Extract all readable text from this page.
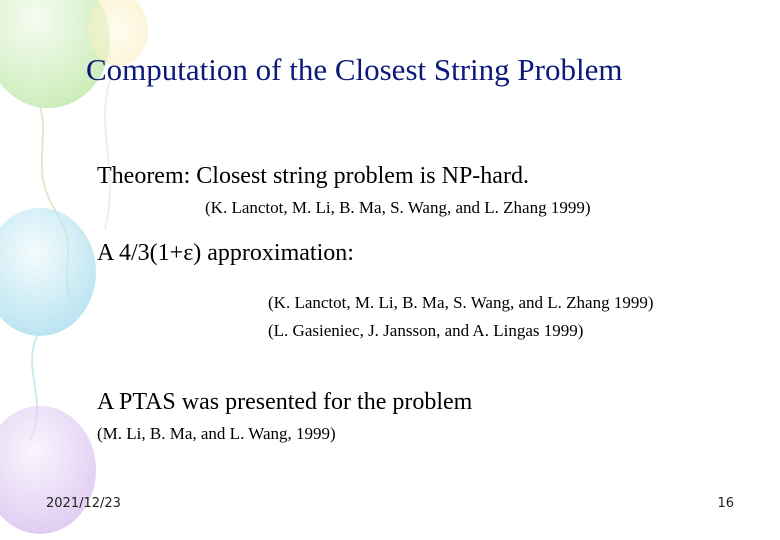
Computation of the Closest String Problem
Theorem: Closest string problem is NP-hard.
(K. Lanctot, M. Li, B. Ma, S. Wang, and L. Zhang 1999)
A 4/3(1+ε) approximation:
(K. Lanctot, M. Li, B. Ma, S. Wang, and L. Zhang 1999)
(L. Gasieniec, J. Jansson, and A. Lingas 1999)
A PTAS was presented for the problem
(M. Li, B. Ma, and L. Wang, 1999)
2021/12/23	16
